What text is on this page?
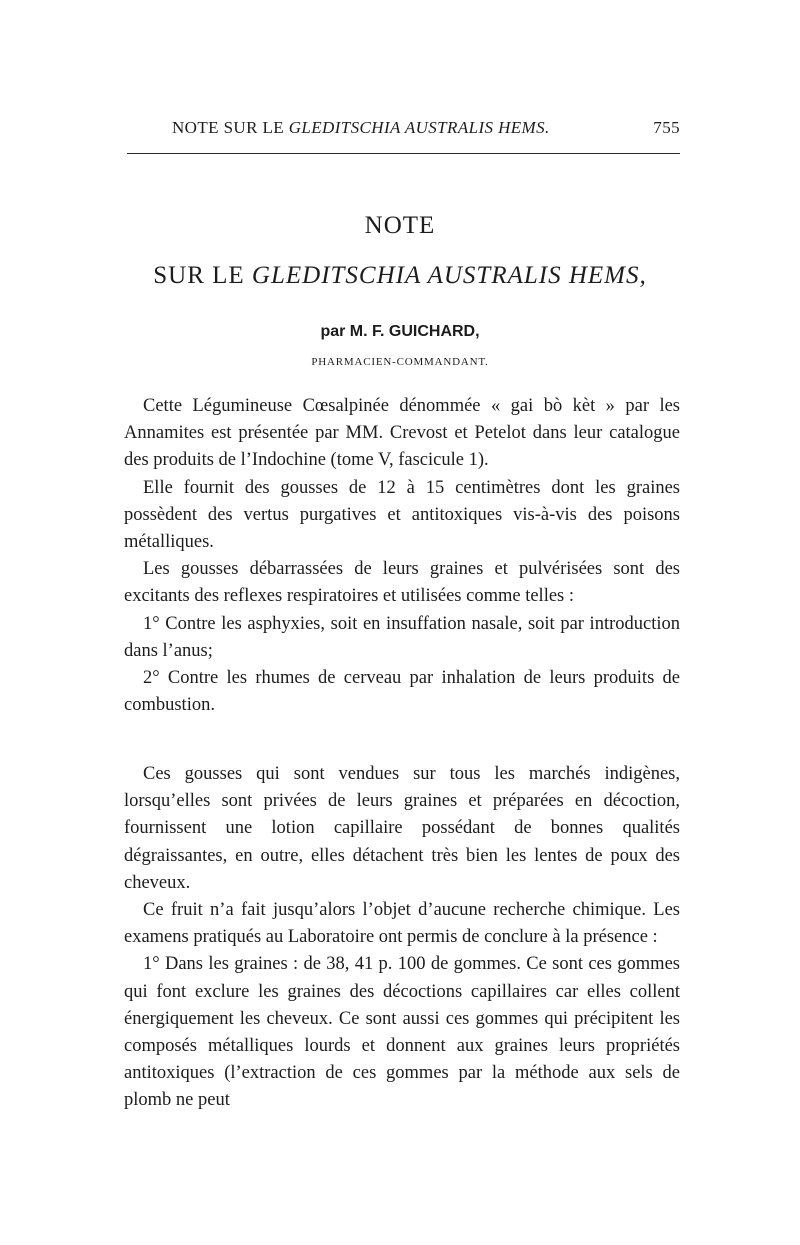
NOTE SUR LE GLEDITSCHIA AUSTRALIS HEMS.	755
NOTE
SUR LE GLEDITSCHIA AUSTRALIS HEMS,
par M. F. GUICHARD,
PHARMACIEN-COMMANDANT.

Cette Légumineuse Cœsalpinée dénommée « gai bò kèt » par les Annamites est présentée par MM. Crevost et Petelot dans leur catalogue des produits de l’Indochine (tome V, fascicule 1).

Elle fournit des gousses de 12 à 15 centimètres dont les graines possèdent des vertus purgatives et antitoxiques vis-à-vis des poisons métalliques.

Les gousses débarrassées de leurs graines et pulvérisées sont des excitants des reflexes respiratoires et utilisées comme telles :

1° Contre les asphyxies, soit en insuffation nasale, soit par introduction dans l’anus;

2° Contre les rhumes de cerveau par inhalation de leurs produits de combustion.

Ces gousses qui sont vendues sur tous les marchés indigènes, lorsqu’elles sont privées de leurs graines et préparées en décoction, fournissent une lotion capillaire possédant de bonnes qualités dégraissantes, en outre, elles détachent très bien les lentes de poux des cheveux.

Ce fruit n’a fait jusqu’alors l’objet d’aucune recherche chimique. Les examens pratiqués au Laboratoire ont permis de conclure à la présence :

1° Dans les graines : de 38, 41 p. 100 de gommes. Ce sont ces gommes qui font exclure les graines des décoctions capillaires car elles collent énergiquement les cheveux. Ce sont aussi ces gommes qui précipitent les composés métalliques lourds et donnent aux graines leurs propriétés antitoxiques (l’extraction de ces gommes par la méthode aux sels de plomb ne peut
